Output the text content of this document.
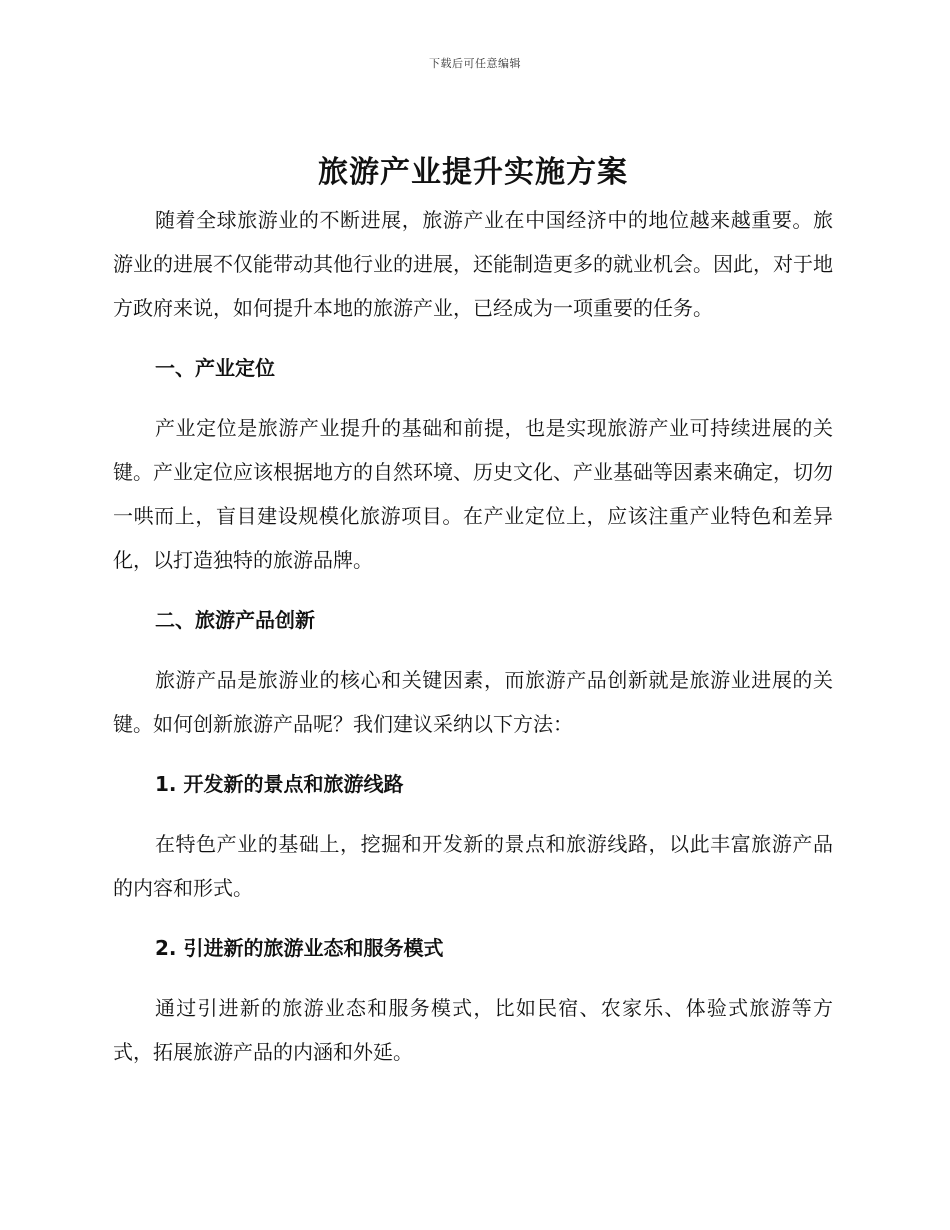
下载后可任意编辑
旅游产业提升实施方案

随着全球旅游业的不断进展，旅游产业在中国经济中的地位越来越重要。旅游业的进展不仅能带动其他行业的进展，还能制造更多的就业机会。因此，对于地方政府来说，如何提升本地的旅游产业，已经成为一项重要的任务。

一、产业定位

产业定位是旅游产业提升的基础和前提，也是实现旅游产业可持续进展的关键。产业定位应该根据地方的自然环境、历史文化、产业基础等因素来确定，切勿一哄而上，盲目建设规模化旅游项目。在产业定位上，应该注重产业特色和差异化，以打造独特的旅游品牌。

二、旅游产品创新

旅游产品是旅游业的核心和关键因素，而旅游产品创新就是旅游业进展的关键。如何创新旅游产品呢？我们建议采纳以下方法：

1. 开发新的景点和旅游线路

在特色产业的基础上，挖掘和开发新的景点和旅游线路，以此丰富旅游产品的内容和形式。

2. 引进新的旅游业态和服务模式

通过引进新的旅游业态和服务模式，比如民宿、农家乐、体验式旅游等方式，拓展旅游产品的内涵和外延。
